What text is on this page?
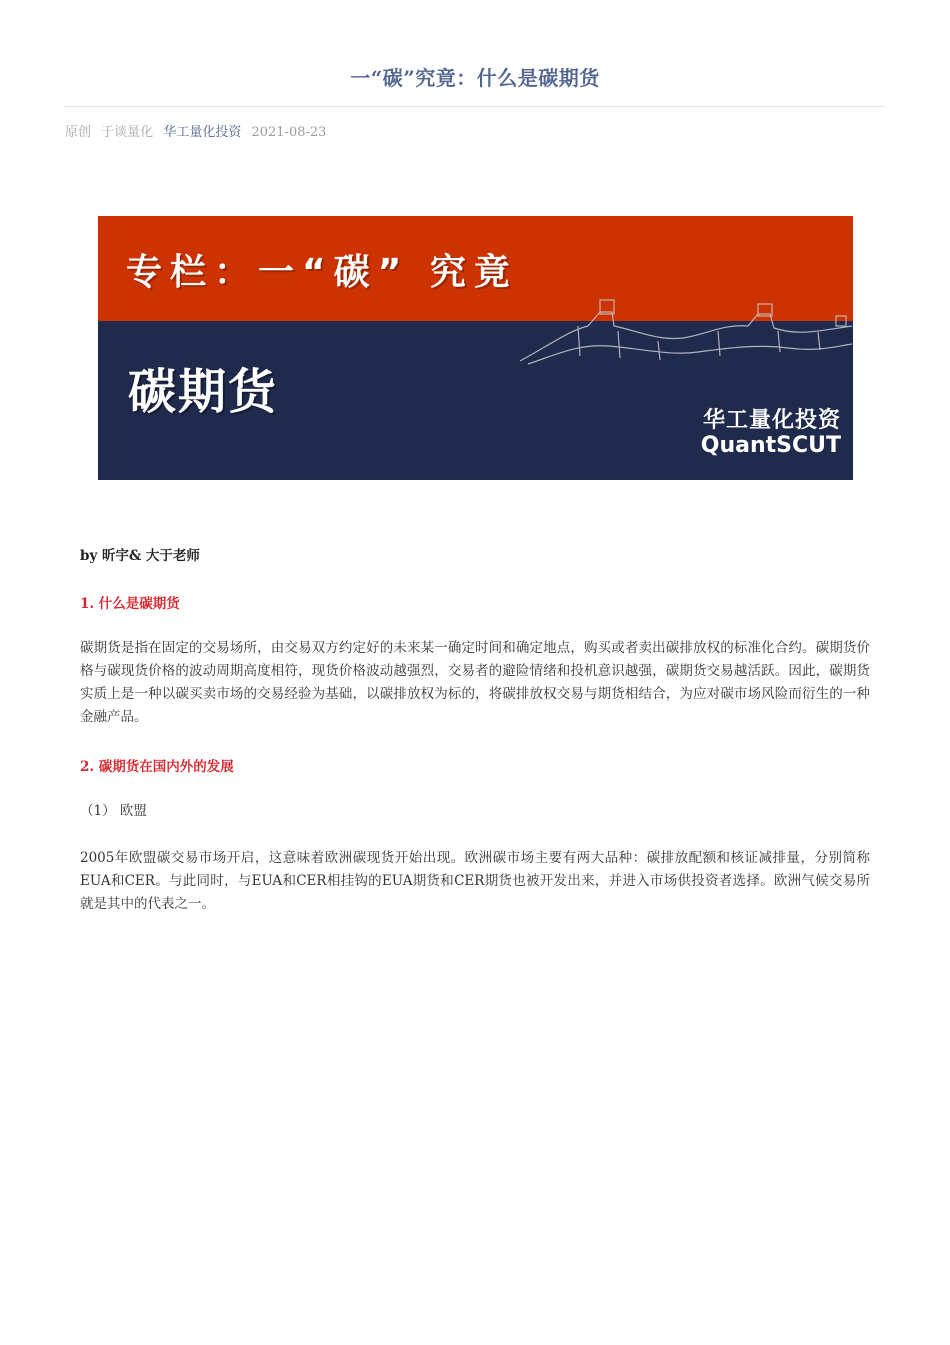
一“碳”究竟：什么是碳期货
原创 于谈量化 华工量化投资 2021-08-23
专栏：一“碳” 究竟
碳期货
华工量化投资
QuantSCUT
by 昕宇& 大于老师
1. 什么是碳期货
碳期货是指在固定的交易场所，由交易双方约定好的未来某一确定时间和确定地点，购买或者卖出碳排放权的标准化合约。碳期货价格与碳现货价格的波动周期高度相符，现货价格波动越强烈，交易者的避险情绪和投机意识越强，碳期货交易越活跃。因此，碳期货实质上是一种以碳买卖市场的交易经验为基础，以碳排放权为标的，将碳排放权交易与期货相结合，为应对碳市场风险而衍生的一种金融产品。
2. 碳期货在国内外的发展
（1） 欧盟
2005年欧盟碳交易市场开启，这意味着欧洲碳现货开始出现。欧洲碳市场主要有两大品种：碳排放配额和核证减排量，分别简称EUA和CER。与此同时，与EUA和CER相挂钩的EUA期货和CER期货也被开发出来，并进入市场供投资者选择。欧洲气候交易所就是其中的代表之一。
